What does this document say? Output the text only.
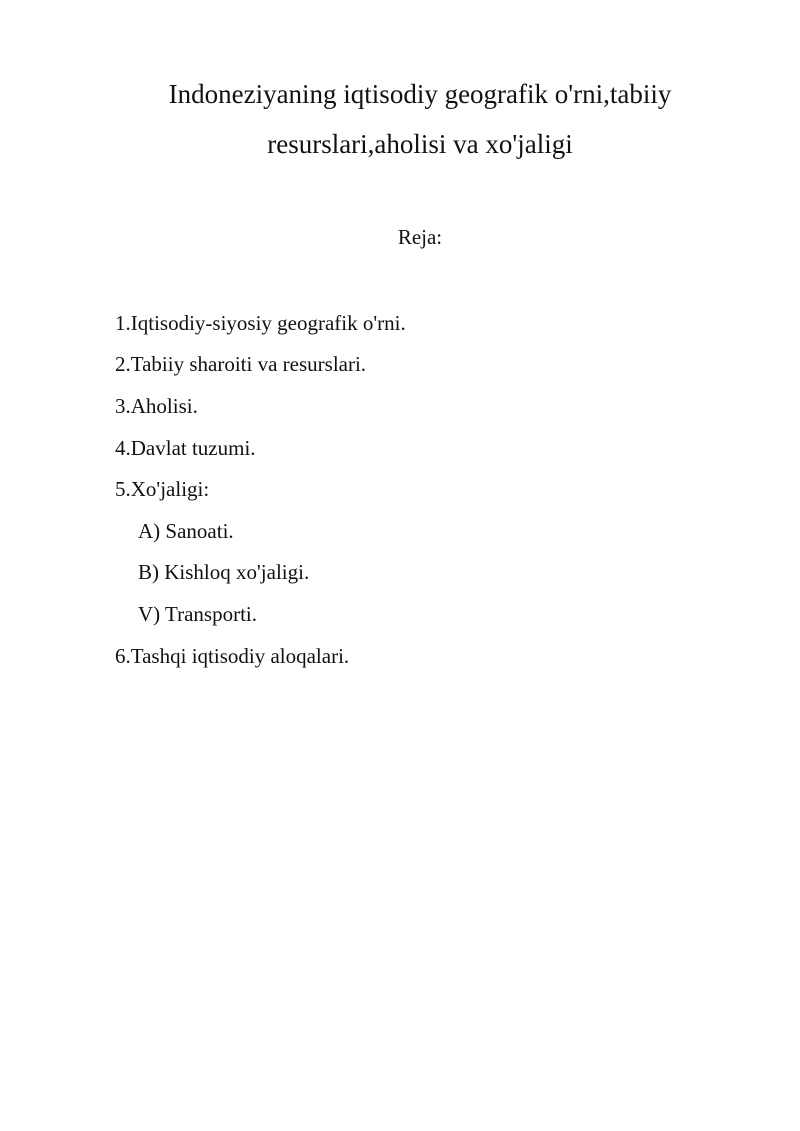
Indoneziyaning iqtisodiy geografik o'rni,tabiiy
resurslari,aholisi va xo'jaligi
Reja:
1.Iqtisodiy-siyosiy geografik o'rni.
2.Tabiiy sharoiti va resurslari.
3.Aholisi.
4.Davlat tuzumi.
5.Xo'jaligi:
A) Sanoati.
B) Kishloq xo'jaligi.
V) Transporti.
6.Tashqi iqtisodiy aloqalari.
